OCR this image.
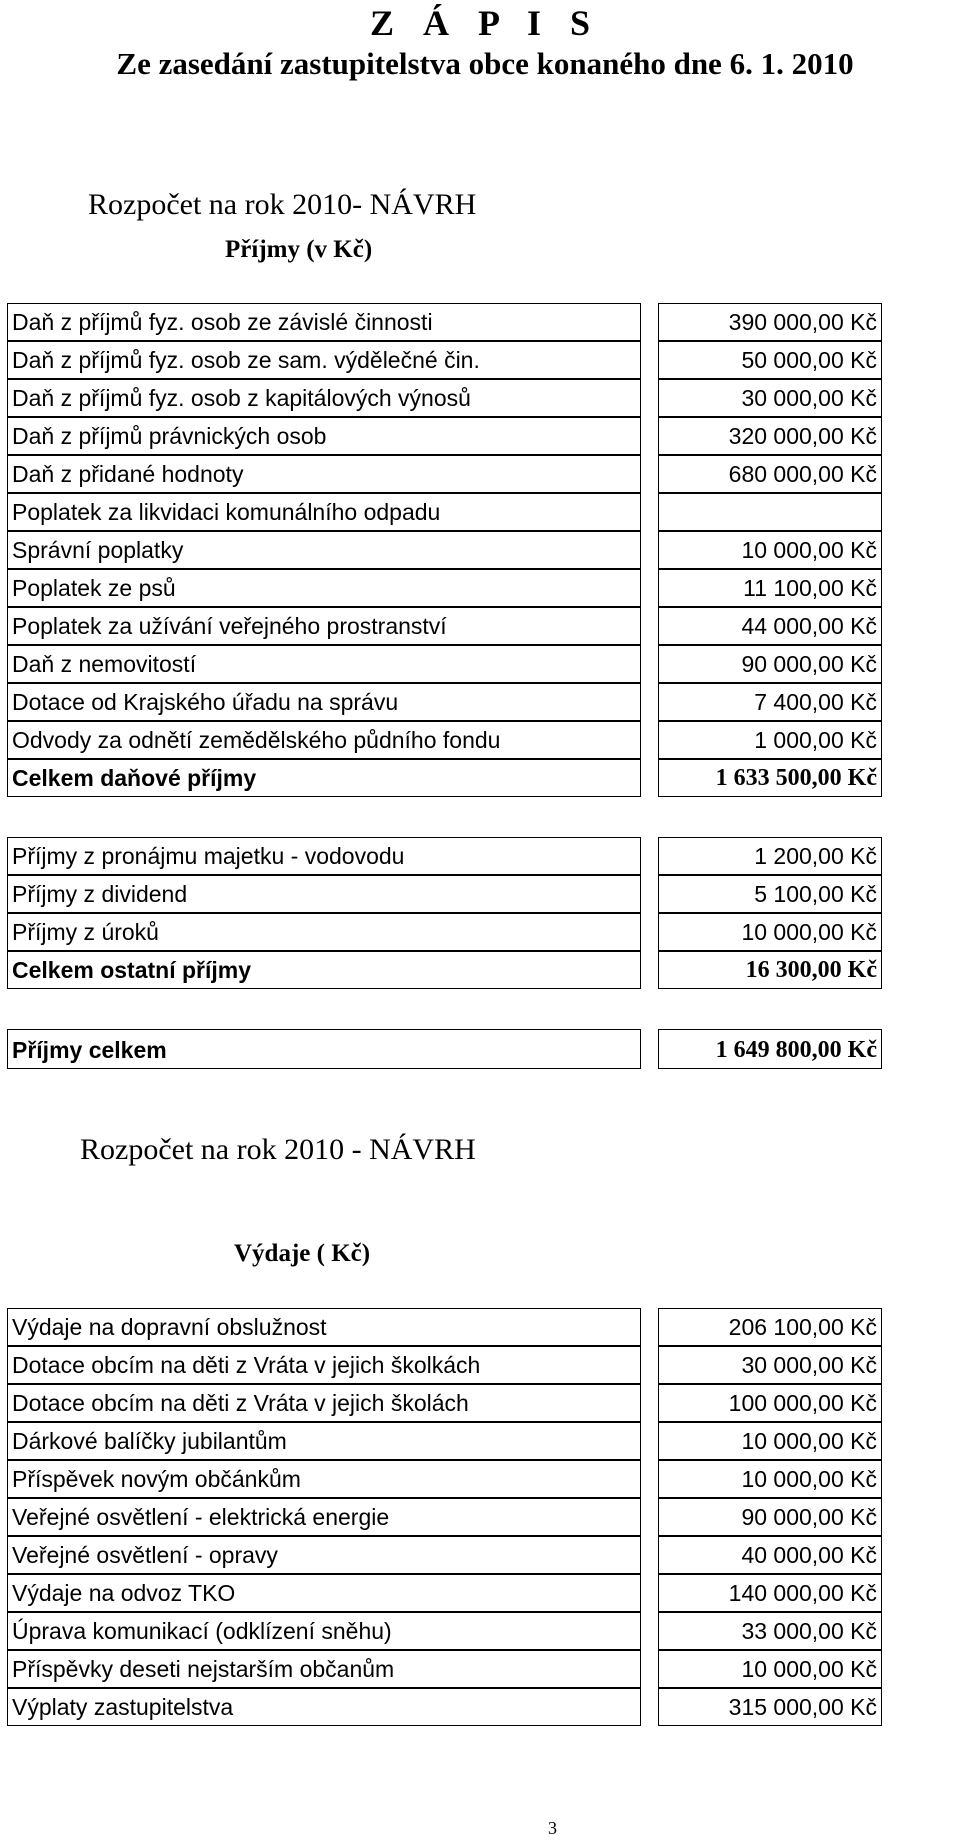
Z Á P I S
Ze zasedání zastupitelstva obce konaného dne 6. 1. 2010
Rozpočet na rok 2010- NÁVRH
Příjmy (v Kč)
Daň z příjmů fyz. osob ze závislé činnosti	390 000,00 Kč
Daň z příjmů fyz. osob ze sam. výdělečné čin.	50 000,00 Kč
Daň z příjmů fyz. osob z kapitálových výnosů	30 000,00 Kč
Daň z příjmů právnických osob	320 000,00 Kč
Daň z přidané hodnoty	680 000,00 Kč
Poplatek za likvidaci komunálního odpadu
Správní poplatky	10 000,00 Kč
Poplatek ze psů	11 100,00 Kč
Poplatek za užívání veřejného prostranství	44 000,00 Kč
Daň z nemovitostí	90 000,00 Kč
Dotace od Krajského úřadu na správu	7 400,00 Kč
Odvody za odnětí zemědělského půdního fondu	1 000,00 Kč
Celkem daňové příjmy	1 633 500,00 Kč
Příjmy z pronájmu majetku - vodovodu	1 200,00 Kč
Příjmy z dividend	5 100,00 Kč
Příjmy z úroků	10 000,00 Kč
Celkem ostatní příjmy	16 300,00 Kč
Příjmy celkem	1 649 800,00 Kč
Rozpočet na rok 2010 - NÁVRH
Výdaje ( Kč)
Výdaje na dopravní obslužnost	206 100,00 Kč
Dotace obcím na děti z Vráta v jejich školkách	30 000,00 Kč
Dotace obcím na děti z Vráta v jejich školách	100 000,00 Kč
Dárkové balíčky jubilantům	10 000,00 Kč
Příspěvek novým občánkům	10 000,00 Kč
Veřejné osvětlení - elektrická energie	90 000,00 Kč
Veřejné osvětlení - opravy	40 000,00 Kč
Výdaje na odvoz TKO	140 000,00 Kč
Úprava komunikací (odklízení sněhu)	33 000,00 Kč
Příspěvky deseti nejstarším občanům	10 000,00 Kč
Výplaty zastupitelstva	315 000,00 Kč
3
